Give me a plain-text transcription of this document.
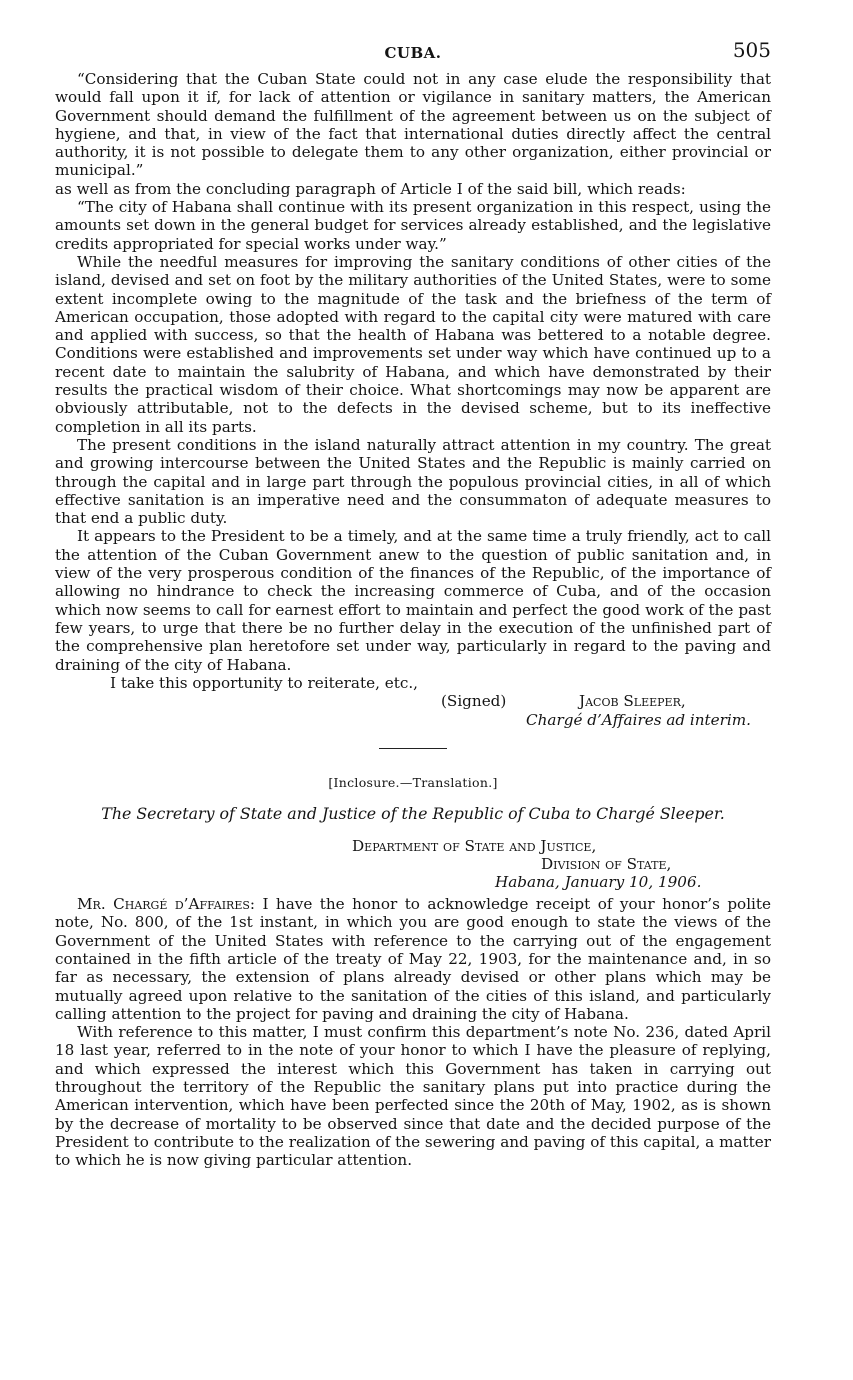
CUBA.	505

“Considering that the Cuban State could not in any case elude the responsibility that would fall upon it if, for lack of attention or vigilance in sanitary matters, the American Government should demand the fulfillment of the agreement between us on the subject of hygiene, and that, in view of the fact that international duties directly affect the central authority, it is not possible to delegate them to any other organization, either provincial or municipal.”

as well as from the concluding paragraph of Article I of the said bill, which reads:

“The city of Habana shall continue with its present organization in this respect, using the amounts set down in the general budget for services already established, and the legislative credits appropriated for special works under way.”

While the needful measures for improving the sanitary conditions of other cities of the island, devised and set on foot by the military authorities of the United States, were to some extent incomplete owing to the magnitude of the task and the briefness of the term of American occupation, those adopted with regard to the capital city were matured with care and applied with success, so that the health of Habana was bettered to a notable degree. Conditions were established and improvements set under way which have continued up to a recent date to maintain the salubrity of Habana, and which have demonstrated by their results the practical wisdom of their choice. What shortcomings may now be apparent are obviously attributable, not to the defects in the devised scheme, but to its ineffective completion in all its parts.

The present conditions in the island naturally attract attention in my country. The great and growing intercourse between the United States and the Republic is mainly carried on through the capital and in large part through the populous provincial cities, in all of which effective sanitation is an imperative need and the consummaton of adequate measures to that end a public duty.

It appears to the President to be a timely, and at the same time a truly friendly, act to call the attention of the Cuban Government anew to the question of public sanitation and, in view of the very prosperous condition of the finances of the Republic, of the importance of allowing no hindrance to check the increasing commerce of Cuba, and of the occasion which now seems to call for earnest effort to maintain and perfect the good work of the past few years, to urge that there be no further delay in the execution of the unfinished part of the comprehensive plan heretofore set under way, particularly in regard to the paving and draining of the city of Habana.

I take this opportunity to reiterate, etc.,

(Signed)	Jacob Sleeper,
Chargé d’Affaires ad interim.
[Inclosure.—Translation.]
The Secretary of State and Justice of the Republic of Cuba to Chargé Sleeper.
Department of State and Justice,
Division of State,
Habana, January 10, 1906.

Mr. Chargé d’Affaires: I have the honor to acknowledge receipt of your honor’s polite note, No. 800, of the 1st instant, in which you are good enough to state the views of the Government of the United States with reference to the carrying out of the engagement contained in the fifth article of the treaty of May 22, 1903, for the maintenance and, in so far as necessary, the extension of plans already devised or other plans which may be mutually agreed upon relative to the sanitation of the cities of this island, and particularly calling attention to the project for paving and draining the city of Habana.

With reference to this matter, I must confirm this department’s note No. 236, dated April 18 last year, referred to in the note of your honor to which I have the pleasure of replying, and which expressed the interest which this Government has taken in carrying out throughout the territory of the Republic the sanitary plans put into practice during the American intervention, which have been perfected since the 20th of May, 1902, as is shown by the decrease of mortality to be observed since that date and the decided purpose of the President to contribute to the realization of the sewering and paving of this capital, a matter to which he is now giving particular attention.
